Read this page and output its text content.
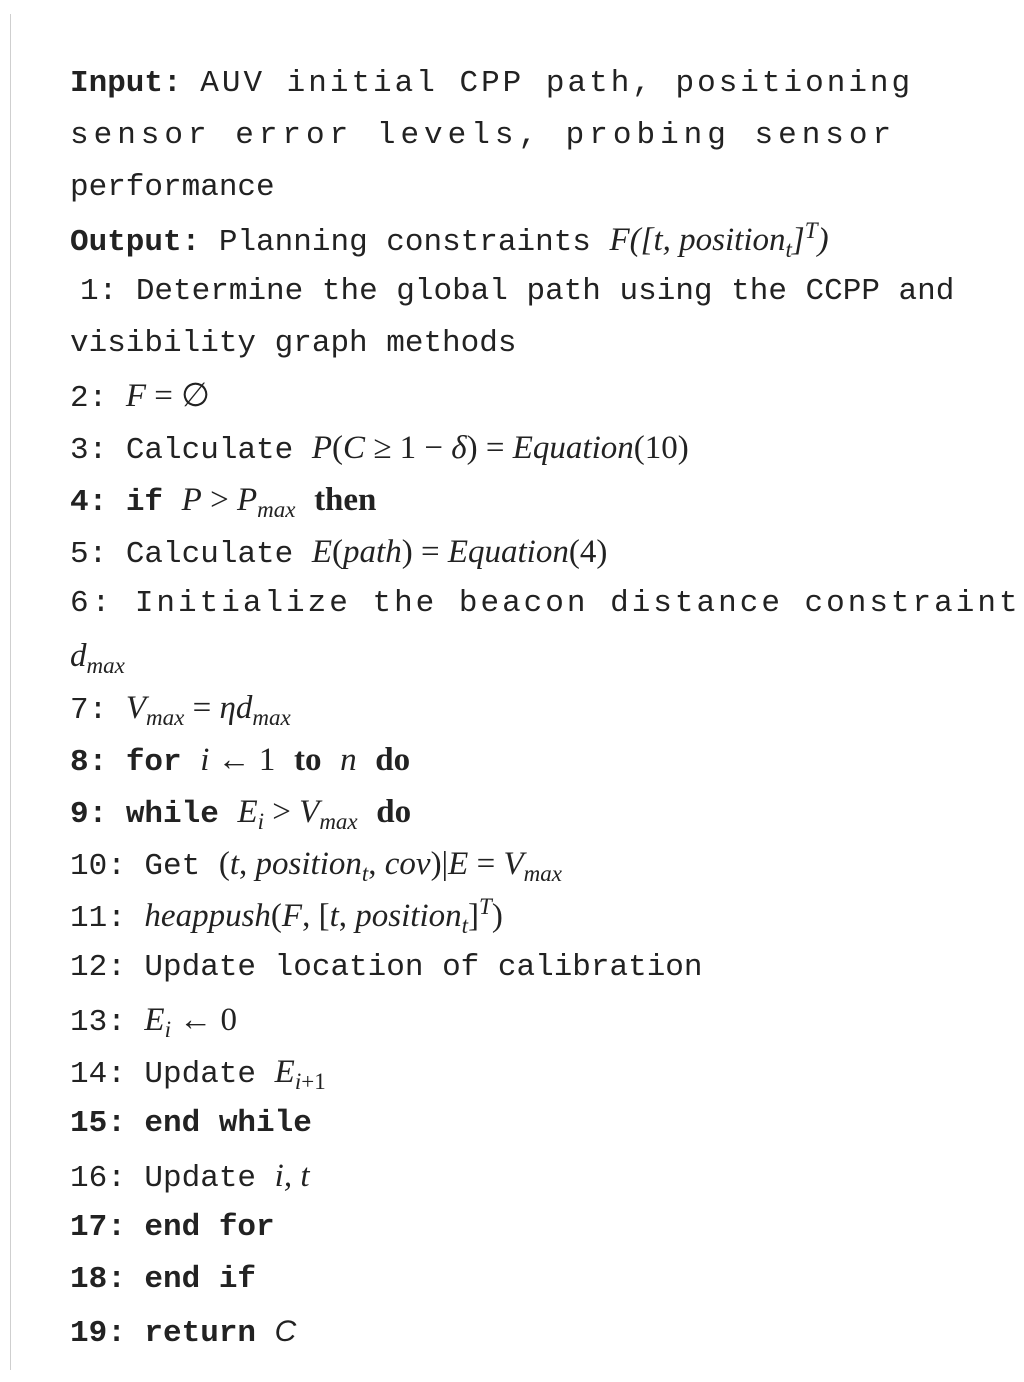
Input: AUV initial CPP path, positioning
sensor error levels, probing sensor
performance
Output: Planning constraints F([t, position$_t$]$^T$)
1: Determine the global path using the CCPP and
visibility graph methods
2: F = ∅
3: Calculate P(C ≥ 1 − δ) = Equation(10)
4: if $P > P_{max}$ then
5: Calculate E(path) = Equation(4)
6: Initialize the beacon distance constraint
$d_{max}$
7: $V_{max} = \eta d_{max}$
8: for i ← 1 to n do
9: while $E_i > V_{max}$ do
10: Get (t, position$_t$, $cov)|E = V_{max}$
11: heappush(F, [t, position$_t$]$^T$)
12: Update location of calibration
13: $E_i$ ← 0
14: Update $E_{i+1}$
15: end while
16: Update i, t
17: end for
18: end if
19: return C
